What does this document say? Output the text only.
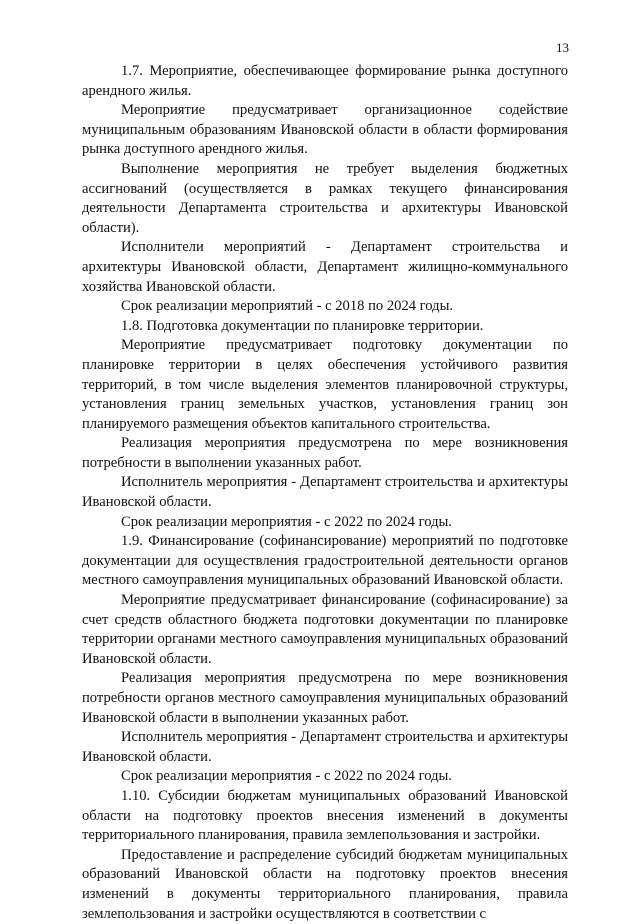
13

1.7. Мероприятие, обеспечивающее формирование рынка доступного арендного жилья.

Мероприятие предусматривает организационное содействие муниципальным образованиям Ивановской области в области формирования рынка доступного арендного жилья.

Выполнение мероприятия не требует выделения бюджетных ассигнований (осуществляется в рамках текущего финансирования деятельности Департамента строительства и архитектуры Ивановской области).

Исполнители мероприятий - Департамент строительства и архитектуры Ивановской области, Департамент жилищно-коммунального хозяйства Ивановской области.

Срок реализации мероприятий - с 2018 по 2024 годы.

1.8. Подготовка документации по планировке территории.

Мероприятие предусматривает подготовку документации по планировке территории в целях обеспечения устойчивого развития территорий, в том числе выделения элементов планировочной структуры, установления границ земельных участков, установления границ зон планируемого размещения объектов капитального строительства.

Реализация мероприятия предусмотрена по мере возникновения потребности в выполнении указанных работ.

Исполнитель мероприятия - Департамент строительства и архитектуры Ивановской области.

Срок реализации мероприятия - с 2022 по 2024 годы.

1.9. Финансирование (софинансирование) мероприятий по подготовке документации для осуществления градостроительной деятельности органов местного самоуправления муниципальных образований Ивановской области.

Мероприятие предусматривает финансирование (софинасирование) за счет средств областного бюджета подготовки документации по планировке территории органами местного самоуправления муниципальных образований Ивановской области.

Реализация мероприятия предусмотрена по мере возникновения потребности органов местного самоуправления муниципальных образований Ивановской области в выполнении указанных работ.

Исполнитель мероприятия - Департамент строительства и архитектуры Ивановской области.

Срок реализации мероприятия - с 2022 по 2024 годы.

1.10. Субсидии бюджетам муниципальных образований Ивановской области на подготовку проектов внесения изменений в документы территориального планирования, правила землепользования и застройки.

Предоставление и распределение субсидий бюджетам муниципальных образований Ивановской области на подготовку проектов внесения изменений в документы территориального планирования, правила землепользования и застройки осуществляются в соответствии с
